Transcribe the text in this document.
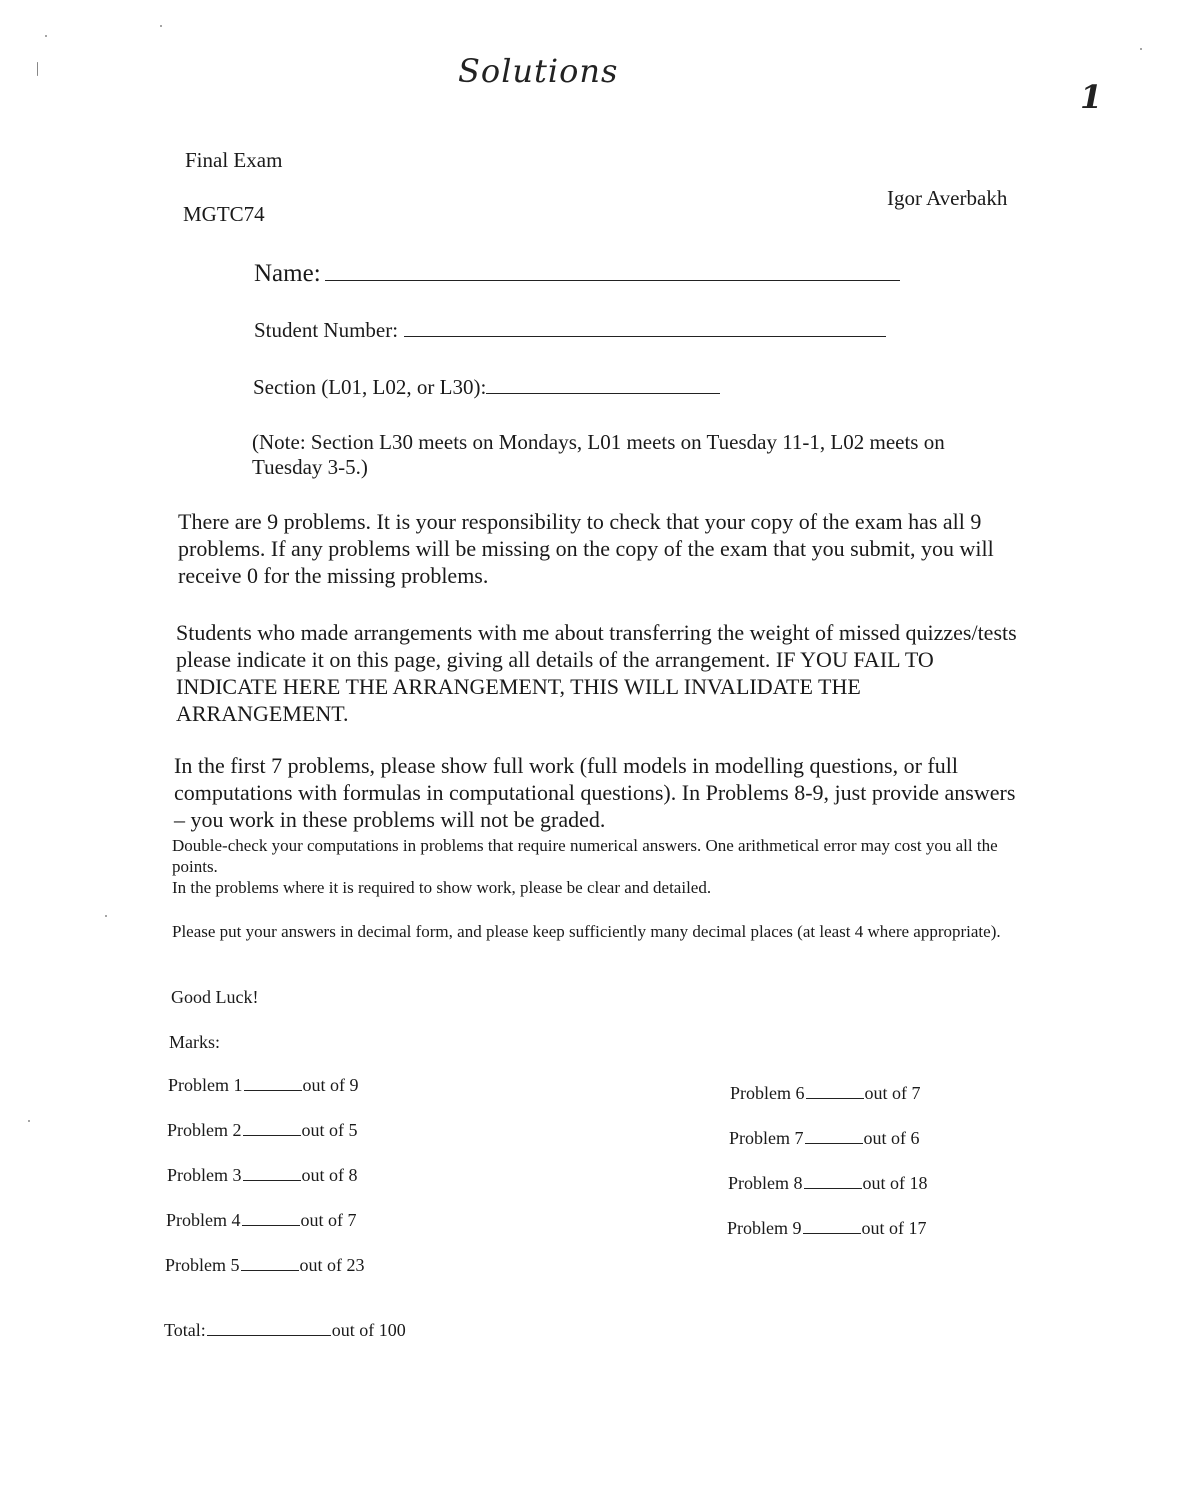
Solutions
1
Final Exam
MGTC74
Igor Averbakh
Name:
Student Number:
Section (L01, L02, or L30):
(Note: Section L30 meets on Mondays, L01 meets on Tuesday 11-1, L02 meets on Tuesday 3-5.)
There are 9 problems. It is your responsibility to check that your copy of the exam has all 9 problems. If any problems will be missing on the copy of the exam that you submit, you will receive 0 for the missing problems.
Students who made arrangements with me about transferring the weight of missed quizzes/tests please indicate it on this page, giving all details of the arrangement. IF YOU FAIL TO INDICATE HERE THE ARRANGEMENT, THIS WILL INVALIDATE THE ARRANGEMENT.
In the first 7 problems, please show full work (full models in modelling questions, or full computations with formulas in computational questions). In Problems 8-9, just provide answers – you work in these problems will not be graded.
Double-check your computations in problems that require numerical answers. One arithmetical error may cost you all the points.
In the problems where it is required to show work, please be clear and detailed.
Please put your answers in decimal form, and please keep sufficiently many decimal places (at least 4 where appropriate).
Good Luck!
Marks:
Problem 1	out of 9
Problem 2	out of 5
Problem 3	out of 8
Problem 4	out of 7
Problem 5	out of 23
Problem 6	out of 7
Problem 7	out of 6
Problem 8	out of 18
Problem 9	out of 17
Total:	out of 100
